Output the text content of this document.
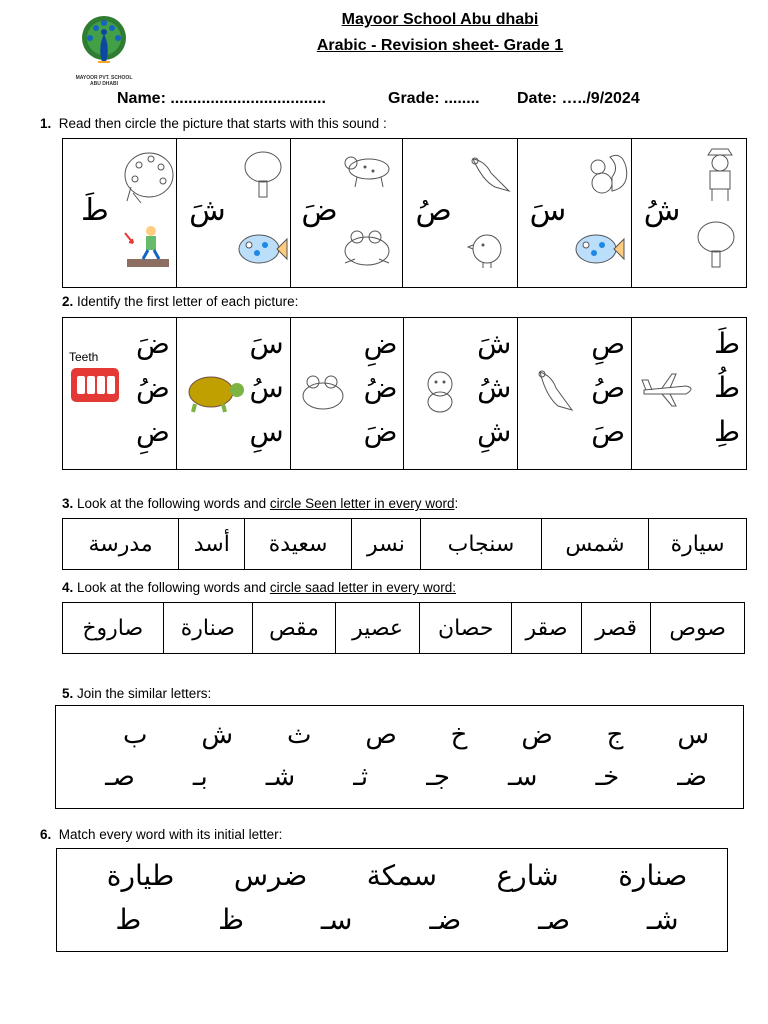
MAYOOR PVT. SCHOOL
ABU DHABI
Mayoor School Abu dhabi
Arabic - Revision sheet- Grade 1
Name: ...................................	Grade: ........ Date: …../9/2024
1. Read then circle the picture that starts with this sound :
طَ	شَ	ضَ	صُ	سَ	شُ
2. Identify the first letter of each picture:
Teeth ضَ
ضُ
ضِ

سَ
سُ
سِ

ضِ
ضُ
ضَ

شَ
شُ
شِ

صِ
صُ
صَ

طَ
طُ
طِ
3. Look at the following words and circle Seen letter in every word:
سيارة	شمس	سنجاب	نسر	سعيدة	أسد	مدرسة
4. Look at the following words and circle saad letter in every word:
صوص	قصر	صقر	حصان	عصير	مقص	صنارة	صاروخ
5. Join the similar letters:
س
ج
ض
خ
ص
ث
ش
ب
ضـ
خـ
سـ
جـ
ثـ
شـ
بـ
صـ
6. Match every word with its initial letter:
صنارة
شارع
سمكة
ضرس
طيارة
شـ
صـ
ضـ
سـ
ظ
ط
